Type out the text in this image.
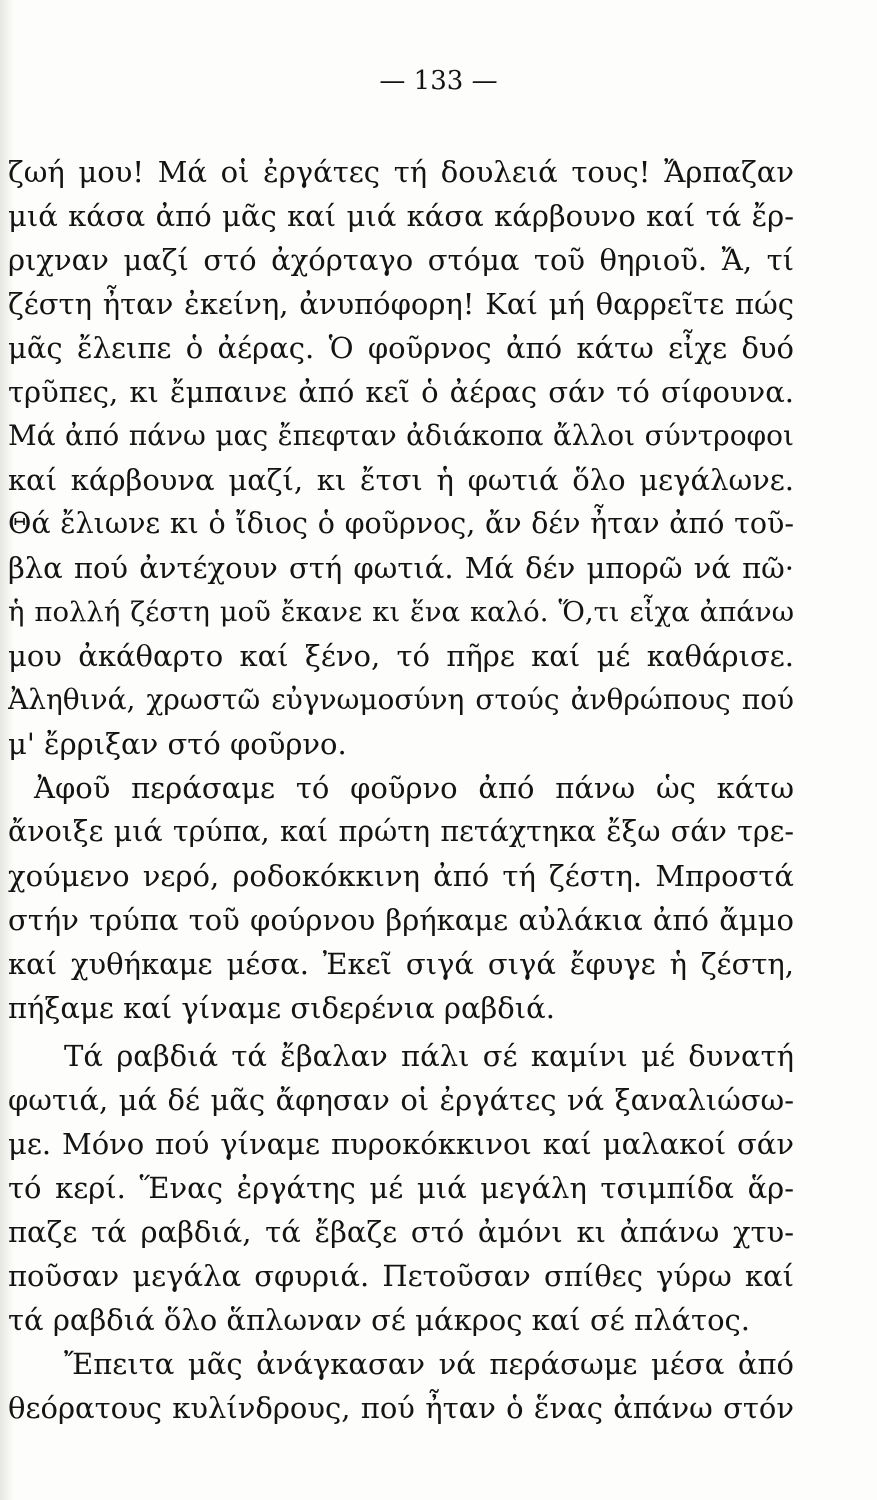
— 133 —

ζωή μου! Μά οἱ ἐργάτες τή δουλειά τους! Ἄρπαζαν
μιά κάσα ἀπό μᾶς καί μιά κάσα κάρβουνο καί τά ἔρ-
ριχναν μαζί στό ἀχόρταγο στόμα τοῦ θηριοῦ. Ἄ, τί
ζέστη ἦταν ἐκείνη, ἀνυπόφορη! Καί μή θαρρεῖτε πώς
μᾶς ἔλειπε ὁ ἀέρας. Ὁ φοῦρνος ἀπό κάτω εἶχε δυό
τρῦπες, κι ἔμπαινε ἀπό κεῖ ὁ ἀέρας σάν τό σίφουνα.
Μά ἀπό πάνω μας ἔπεφταν ἀδιάκοπα ἄλλοι σύντροφοι
καί κάρβουνα μαζί, κι ἔτσι ἡ φωτιά ὅλο μεγάλωνε.
Θά ἔλιωνε κι ὁ ἴδιος ὁ φοῦρνος, ἄν δέν ἦταν ἀπό τοῦ-
βλα πού ἀντέχουν στή φωτιά. Μά δέν μπορῶ νά πῶ·
ἡ πολλή ζέστη μοῦ ἔκανε κι ἕνα καλό. Ὅ,τι εἶχα ἀπάνω
μου ἀκάθαρτο καί ξένο, τό πῆρε καί μέ καθάρισε.
Ἀληθινά, χρωστῶ εὐγνωμοσύνη στούς ἀνθρώπους πού
μ' ἔρριξαν στό φοῦρνο.
Ἀφοῦ περάσαμε τό φοῦρνο ἀπό πάνω ὡς κάτω
ἄνοιξε μιά τρύπα, καί πρώτη πετάχτηκα ἔξω σάν τρε-
χούμενο νερό, ροδοκόκκινη ἀπό τή ζέστη. Μπροστά
στήν τρύπα τοῦ φούρνου βρήκαμε αὐλάκια ἀπό ἄμμο
καί χυθήκαμε μέσα. Ἐκεῖ σιγά σιγά ἔφυγε ἡ ζέστη,
πήξαμε καί γίναμε σιδερένια ραβδιά.
Τά ραβδιά τά ἔβαλαν πάλι σέ καμίνι μέ δυνατή
φωτιά, μά δέ μᾶς ἄφησαν οἱ ἐργάτες νά ξαναλιώσω-
με. Μόνο πού γίναμε πυροκόκκινοι καί μαλακοί σάν
τό κερί. Ἕνας ἐργάτης μέ μιά μεγάλη τσιμπίδα ἅρ-
παζε τά ραβδιά, τά ἔβαζε στό ἀμόνι κι ἀπάνω χτυ-
ποῦσαν μεγάλα σφυριά. Πετοῦσαν σπίθες γύρω καί
τά ραβδιά ὅλο ἅπλωναν σέ μάκρος καί σέ πλάτος.
Ἔπειτα μᾶς ἀνάγκασαν νά περάσωμε μέσα ἀπό
θεόρατους κυλίνδρους, πού ἦταν ὁ ἕνας ἀπάνω στόν
